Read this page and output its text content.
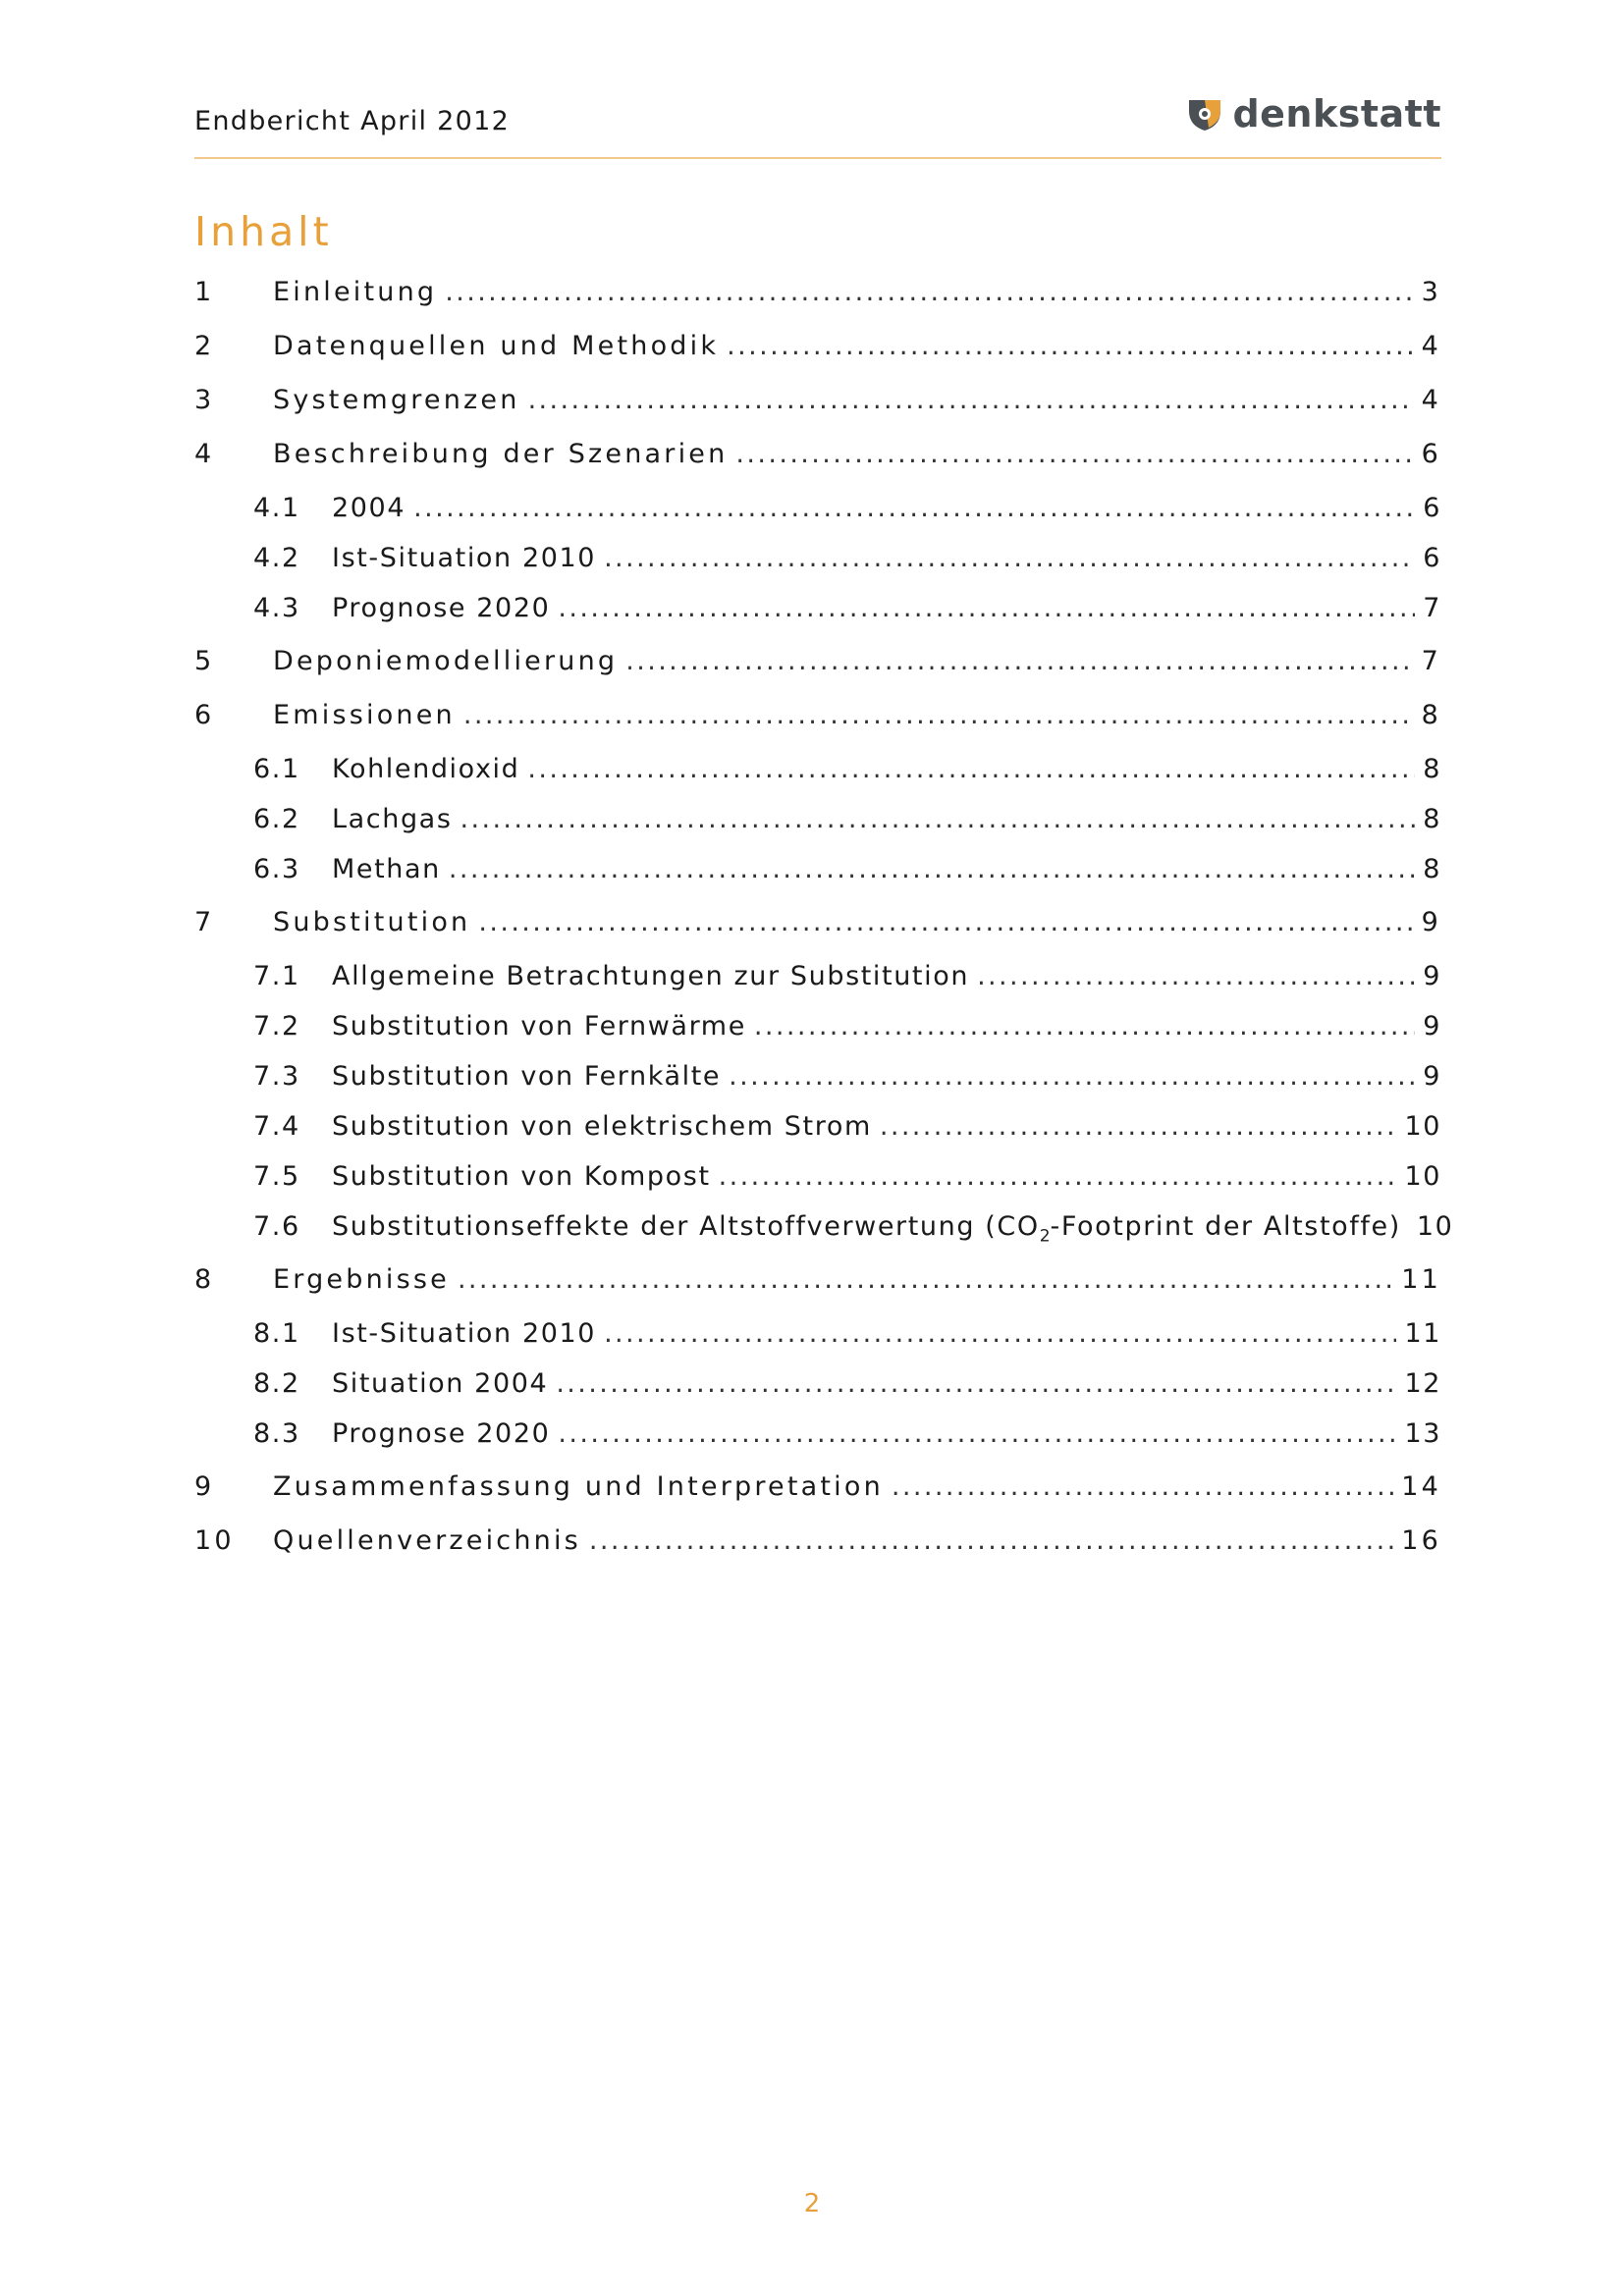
Endbericht April 2012	denkstatt
Inhalt
1	Einleitung .....	3
2	Datenquellen und Methodik .....	4
3	Systemgrenzen .....	4
4	Beschreibung der Szenarien .....	6
4.1	2004 .....	6
4.2	Ist-Situation 2010 .....	6
4.3	Prognose 2020 .....	7
5	Deponiemodellierung .....	7
6	Emissionen .....	8
6.1	Kohlendioxid .....	8
6.2	Lachgas .....	8
6.3	Methan .....	8
7	Substitution .....	9
7.1	Allgemeine Betrachtungen zur Substitution .....	9
7.2	Substitution von Fernwärme .....	9
7.3	Substitution von Fernkälte .....	9
7.4	Substitution von elektrischem Strom .....	10
7.5	Substitution von Kompost .....	10
7.6	Substitutionseffekte der Altstoffverwertung ($CO_2$-Footprint der Altstoffe) 10
8	Ergebnisse .....	11
8.1	Ist-Situation 2010 .....	11
8.2	Situation 2004 .....	12
8.3	Prognose 2020 .....	13
9	Zusammenfassung und Interpretation .....	14
10	Quellenverzeichnis .....	16
2
